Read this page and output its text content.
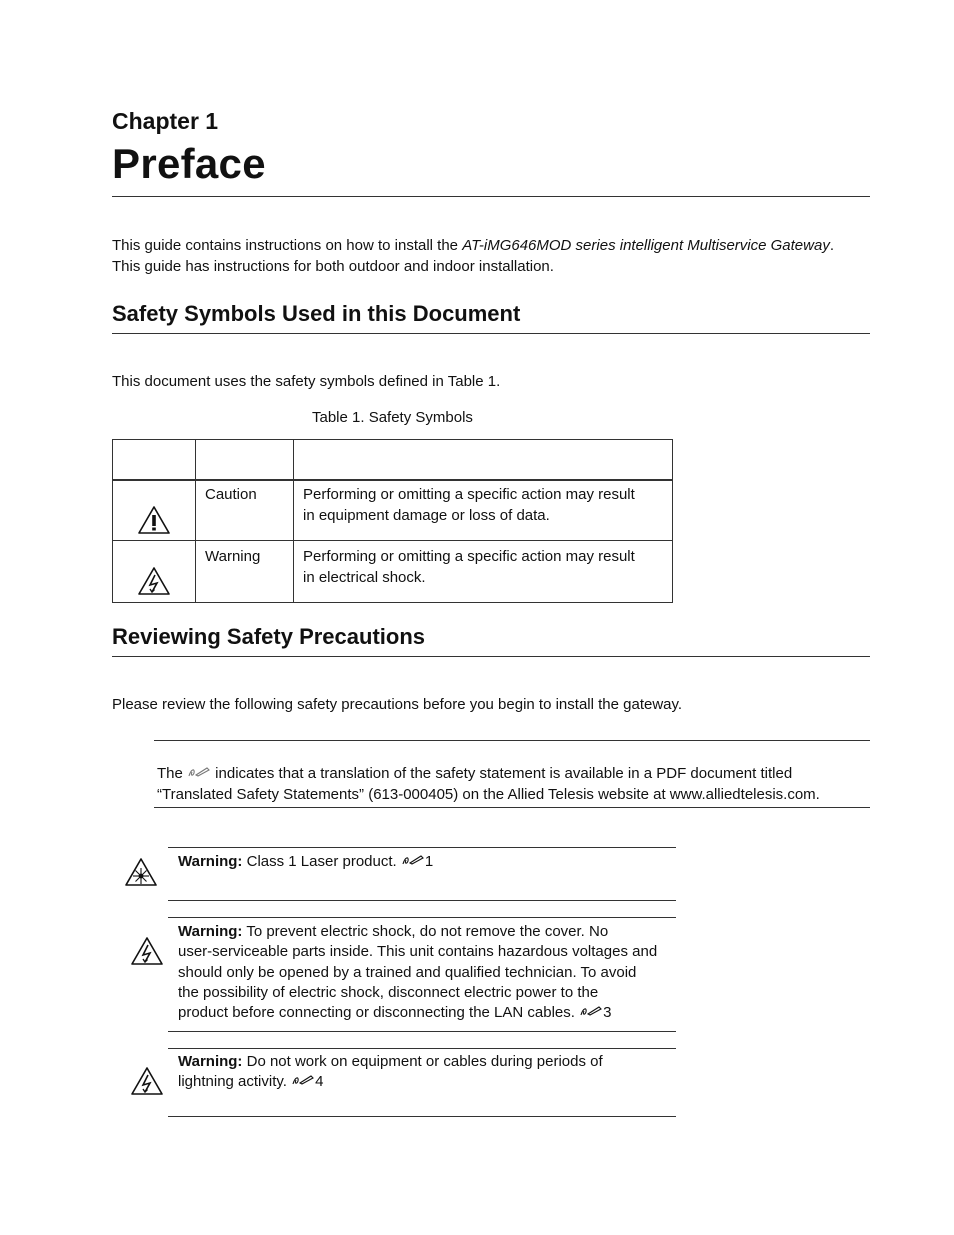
Chapter 1
Preface
This guide contains instructions on how to install the AT-iMG646MOD series intelligent Multiservice Gateway.
This guide has instructions for both outdoor and indoor installation.
Safety Symbols Used in this Document
This document uses the safety symbols defined in Table 1.
Table 1. Safety Symbols

Caution	Performing or omitting a specific action may result
in equipment damage or loss of data.

Warning	Performing or omitting a specific action may result
in electrical shock.
Reviewing Safety Precautions
Please review the following safety precautions before you begin to install the gateway.
The  indicates that a translation of the safety statement is available in a PDF document titled
“Translated Safety Statements” (613-000405) on the Allied Telesis website at www.alliedtelesis.com.
Warning: Class 1 Laser product. 1
Warning: To prevent electric shock, do not remove the cover. No
user-serviceable parts inside. This unit contains hazardous voltages and
should only be opened by a trained and qualified technician. To avoid
the possibility of electric shock, disconnect electric power to the
product before connecting or disconnecting the LAN cables. 3
Warning: Do not work on equipment or cables during periods of
lightning activity. 4
